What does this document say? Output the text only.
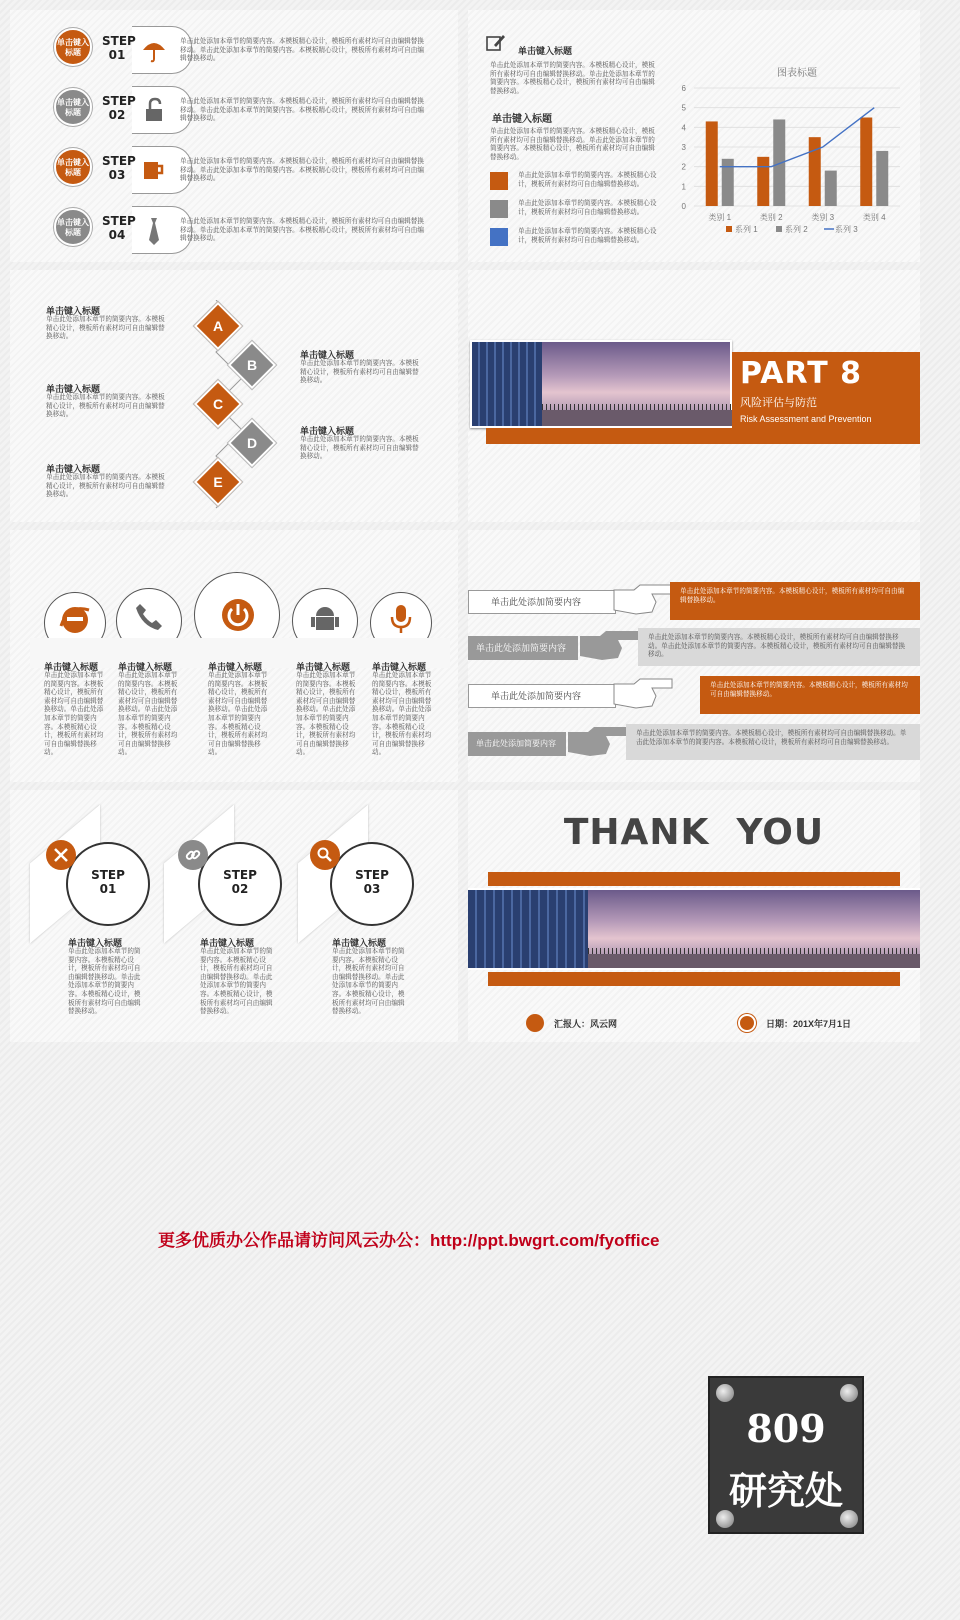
单击键入标题
STEP
01
单击此处添加本章节的简要内容。本模板精心设计，模板所有素材均可自由编辑替换移动。单击此处添加本章节的简要内容。本模板精心设计，模板所有素材均可自由编辑替换移动。
单击键入标题
STEP
02
单击此处添加本章节的简要内容。本模板精心设计，模板所有素材均可自由编辑替换移动。单击此处添加本章节的简要内容。本模板精心设计，模板所有素材均可自由编辑替换移动。
单击键入标题
STEP
03
单击此处添加本章节的简要内容。本模板精心设计，模板所有素材均可自由编辑替换移动。单击此处添加本章节的简要内容。本模板精心设计，模板所有素材均可自由编辑替换移动。
单击键入标题
STEP
04
单击此处添加本章节的简要内容。本模板精心设计，模板所有素材均可自由编辑替换移动。单击此处添加本章节的简要内容。本模板精心设计，模板所有素材均可自由编辑替换移动。
单击键入标题
单击此处添加本章节的简要内容。本模板精心设计，模板所有素材均可自由编辑替换移动。单击此处添加本章节的简要内容。本模板精心设计，模板所有素材均可自由编辑替换移动。
单击键入标题
单击此处添加本章节的简要内容。本模板精心设计，模板所有素材均可自由编辑替换移动。单击此处添加本章节的简要内容。本模板精心设计，模板所有素材均可自由编辑替换移动。
单击此处添加本章节的简要内容。本模板精心设计，模板所有素材均可自由编辑替换移动。
单击此处添加本章节的简要内容。本模板精心设计，模板所有素材均可自由编辑替换移动。
单击此处添加本章节的简要内容。本模板精心设计，模板所有素材均可自由编辑替换移动。
图表标题
0
1
2
3
4
5
6
类别 1	类别 2	类别 3	类别 4
系列 1	系列 2	系列 3
单击键入标题
单击此处添加本章节的简要内容。本模板精心设计，模板所有素材均可自由编辑替换移动。
单击键入标题
单击此处添加本章节的简要内容。本模板精心设计，模板所有素材均可自由编辑替换移动。
单击键入标题
单击此处添加本章节的简要内容。本模板精心设计，模板所有素材均可自由编辑替换移动。
单击键入标题
单击此处添加本章节的简要内容。本模板精心设计，模板所有素材均可自由编辑替换移动。
单击键入标题
单击此处添加本章节的简要内容。本模板精心设计，模板所有素材均可自由编辑替换移动。
A
B
C
D
E
PART 8
风险评估与防范
Risk Assessment and Prevention
单击键入标题
单击此处添加本章节的简要内容。本模板精心设计，模板所有素材均可自由编辑替换移动。单击此处添加本章节的简要内容。本模板精心设计，模板所有素材均可自由编辑替换移动。
单击键入标题
单击此处添加本章节的简要内容。本模板精心设计，模板所有素材均可自由编辑替换移动。单击此处添加本章节的简要内容。本模板精心设计，模板所有素材均可自由编辑替换移动。
单击键入标题
单击此处添加本章节的简要内容。本模板精心设计，模板所有素材均可自由编辑替换移动。单击此处添加本章节的简要内容。本模板精心设计，模板所有素材均可自由编辑替换移动。
单击键入标题
单击此处添加本章节的简要内容。本模板精心设计，模板所有素材均可自由编辑替换移动。单击此处添加本章节的简要内容。本模板精心设计，模板所有素材均可自由编辑替换移动。
单击键入标题
单击此处添加本章节的简要内容。本模板精心设计，模板所有素材均可自由编辑替换移动。单击此处添加本章节的简要内容。本模板精心设计，模板所有素材均可自由编辑替换移动。
单击此处添加简要内容
单击此处添加本章节的简要内容。本模板精心设计，模板所有素材均可自由编辑替换移动。
单击此处添加简要内容
单击此处添加本章节的简要内容。本模板精心设计，模板所有素材均可自由编辑替换移动。单击此处添加本章节的简要内容。本模板精心设计，模板所有素材均可自由编辑替换移动。
单击此处添加简要内容
单击此处添加本章节的简要内容。本模板精心设计，模板所有素材均可自由编辑替换移动。
单击此处添加简要内容
单击此处添加本章节的简要内容。本模板精心设计，模板所有素材均可自由编辑替换移动。单击此处添加本章节的简要内容。本模板精心设计，模板所有素材均可自由编辑替换移动。
STEP
01
单击键入标题
单击此处添加本章节的简要内容。本模板精心设计，模板所有素材均可自由编辑替换移动。单击此处添加本章节的简要内容。本模板精心设计，模板所有素材均可自由编辑替换移动。
STEP
02
单击键入标题
单击此处添加本章节的简要内容。本模板精心设计，模板所有素材均可自由编辑替换移动。单击此处添加本章节的简要内容。本模板精心设计，模板所有素材均可自由编辑替换移动。
STEP
03
单击键入标题
单击此处添加本章节的简要内容。本模板精心设计，模板所有素材均可自由编辑替换移动。单击此处添加本章节的简要内容。本模板精心设计，模板所有素材均可自由编辑替换移动。
THANK YOU
汇报人：风云网	日期：201X年7月1日
更多优质办公作品请访问风云办公：http://ppt.bwgrt.com/fyoffice
809
研究处
